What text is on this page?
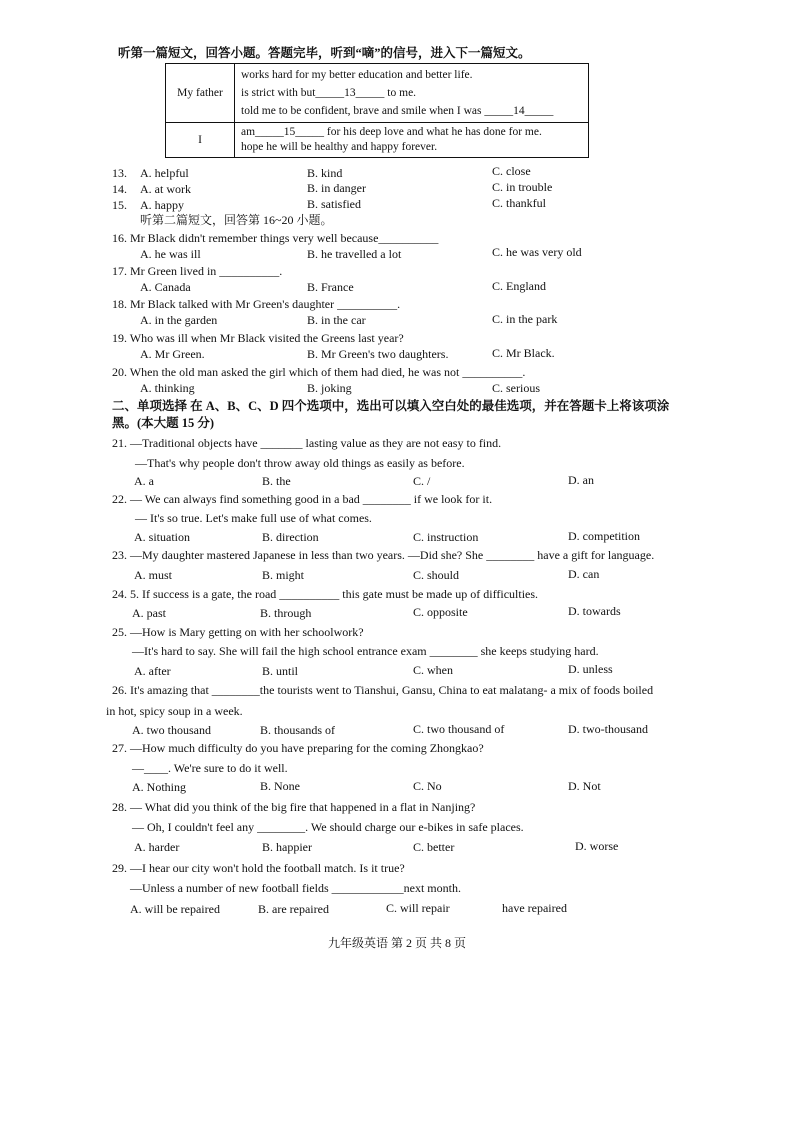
听第一篇短文，回答小题。答题完毕，听到“嘀”的信号，进入下一篇短文。
My father	works hard for my better education and better life.
is strict with but_____13_____ to me.
told me to be confident, brave and smile when I was _____14_____

I	am_____15_____ for his deep love and what he has done for me.
hope he will be healthy and happy forever.
13. A. helpful	B. kind	C. close
14. A. at work	B. in danger	C. in trouble
15. A. happy	B. satisfied	C. thankful
听第二篇短文，回答第 16~20 小题。
16. Mr Black didn't remember things very well because__________
A. he was ill	B. he travelled a lot	C. he was very old
17. Mr Green lived in __________.
A. Canada	B. France	C. England
18. Mr Black talked with Mr Green's daughter __________.
A. in the garden	B. in the car	C. in the park
19. Who was ill when Mr Black visited the Greens last year?
A. Mr Green.	B. Mr Green's two daughters.	C. Mr Black.
20. When the old man asked the girl which of them had died, he was not __________.
A. thinking	B. joking	C. serious
二、单项选择 在 A、B、C、D 四个选项中，选出可以填入空白处的最佳选项，并在答题卡上将该项涂
黑。(本大题 15 分)
21. —Traditional objects have _______ lasting value as they are not easy to find.
—That's why people don't throw away old things as easily as before.
A. a	B. the	C. /	D. an
22. — We can always find something good in a bad ________ if we look for it.
— It's so true. Let's make full use of what comes.
A. situation	B. direction	C. instruction	D. competition
23. —My daughter mastered Japanese in less than two years. —Did she? She ________ have a gift for language.
A. must	B. might	C. should	D. can
24. 5. If success is a gate, the road __________ this gate must be made up of difficulties.
A. past	B. through	C. opposite	D. towards
25. —How is Mary getting on with her schoolwork?
—It's hard to say. She will fail the high school entrance exam ________ she keeps studying hard.
A. after	B. until	C. when	D. unless
26. It's amazing that ________the tourists went to Tianshui, Gansu, China to eat malatang- a mix of foods boiled
in hot, spicy soup in a week.
A. two thousand	B. thousands of	C. two thousand of	D. two-thousand
27. —How much difficulty do you have preparing for the coming Zhongkao?
—____. We're sure to do it well.
A. Nothing	B. None	C. No	D. Not
28. — What did you think of the big fire that happened in a flat in Nanjing?
— Oh, I couldn't feel any ________. We should charge our e-bikes in safe places.
A. harder	B. happier	C. better	D. worse
29. —I hear our city won't hold the football match. Is it true?
—Unless a number of new football fields ____________next month.
A. will be repaired	B. are repaired	C. will repair	have repaired
九年级英语 第 2 页 共 8 页
